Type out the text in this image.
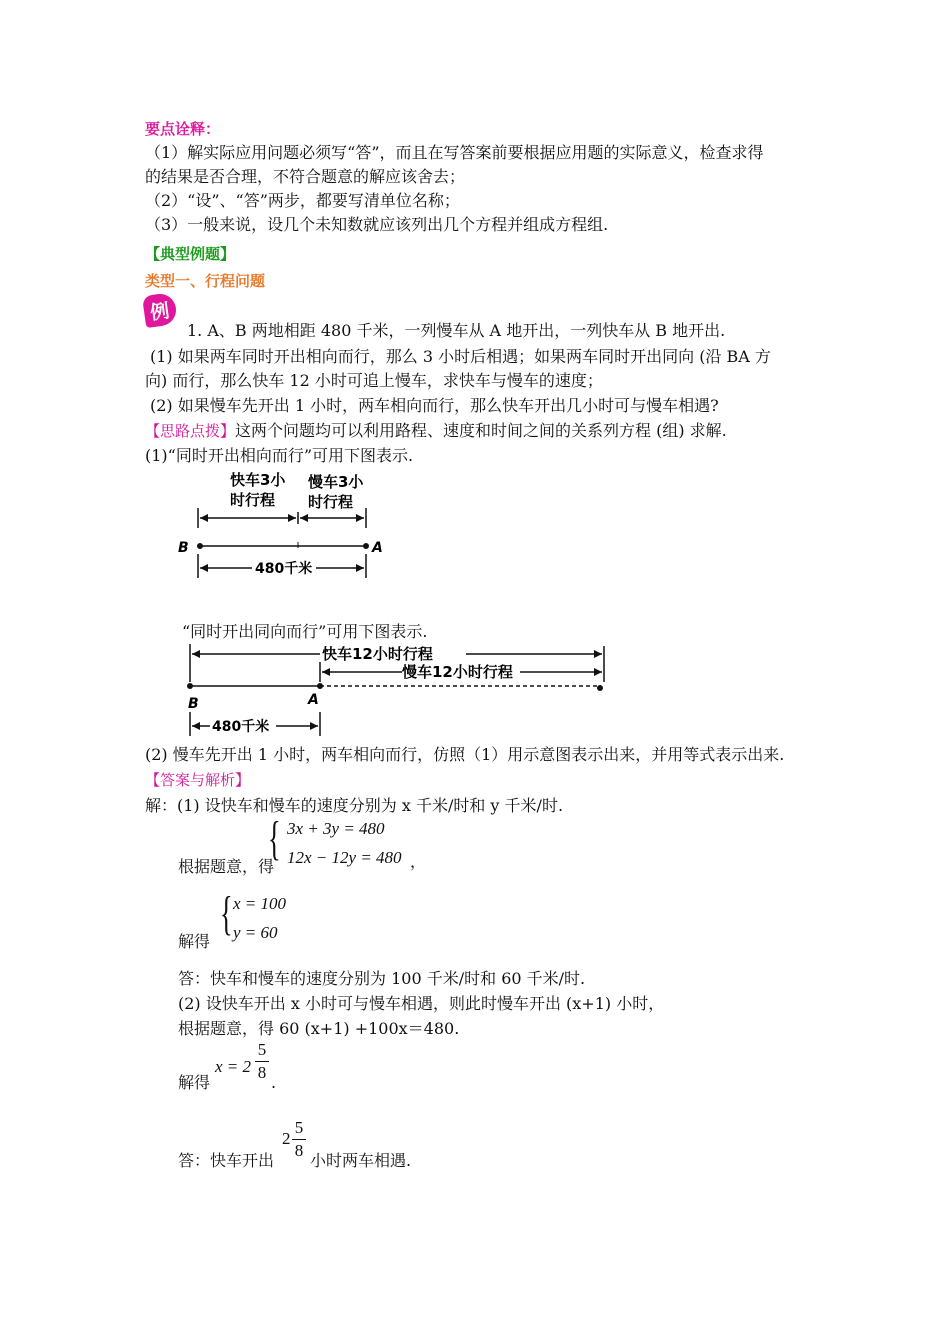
要点诠释：
（1）解实际应用问题必须写“答”，而且在写答案前要根据应用题的实际意义，检查求得
的结果是否合理，不符合题意的解应该舍去；
（2）“设”、“答”两步，都要写清单位名称；
（3）一般来说，设几个未知数就应该列出几个方程并组成方程组.
【典型例题】
类型一、行程问题
例
1. A、B 两地相距 480 千米，一列慢车从 A 地开出，一列快车从 B 地开出.
(1) 如果两车同时开出相向而行，那么 3 小时后相遇；如果两车同时开出同向 (沿 BA 方
向) 而行，那么快车 12 小时可追上慢车，求快车与慢车的速度；
(2) 如果慢车先开出 1 小时，两车相向而行，那么快车开出几小时可与慢车相遇?
【思路点拨】这两个问题均可以利用路程、速度和时间之间的关系列方程 (组) 求解.
(1)“同时开出相向而行”可用下图表示.
快车3小
时行程
慢车3小
时行程
B	A
480千米
“同时开出同向而行”可用下图表示.
快车12小时行程
慢车12小时行程
B	A
480千米
(2) 慢车先开出 1 小时，两车相向而行，仿照（1）用示意图表示出来，并用等式表示出来.
【答案与解析】
解：(1) 设快车和慢车的速度分别为 x 千米/时和 y 千米/时.
根据题意，得
{ 3x + 3y = 480
12x − 12y = 480 ，
解得
{ x = 100
y = 60
答：快车和慢车的速度分别为 100 千米/时和 60 千米/时.
(2) 设快车开出 x 小时可与慢车相遇，则此时慢车开出 (x+1) 小时，
根据题意，得 60 (x+1) +100x＝480.
解得
x = 2
5
8
.
答：快车开出
2
5
8
小时两车相遇.
